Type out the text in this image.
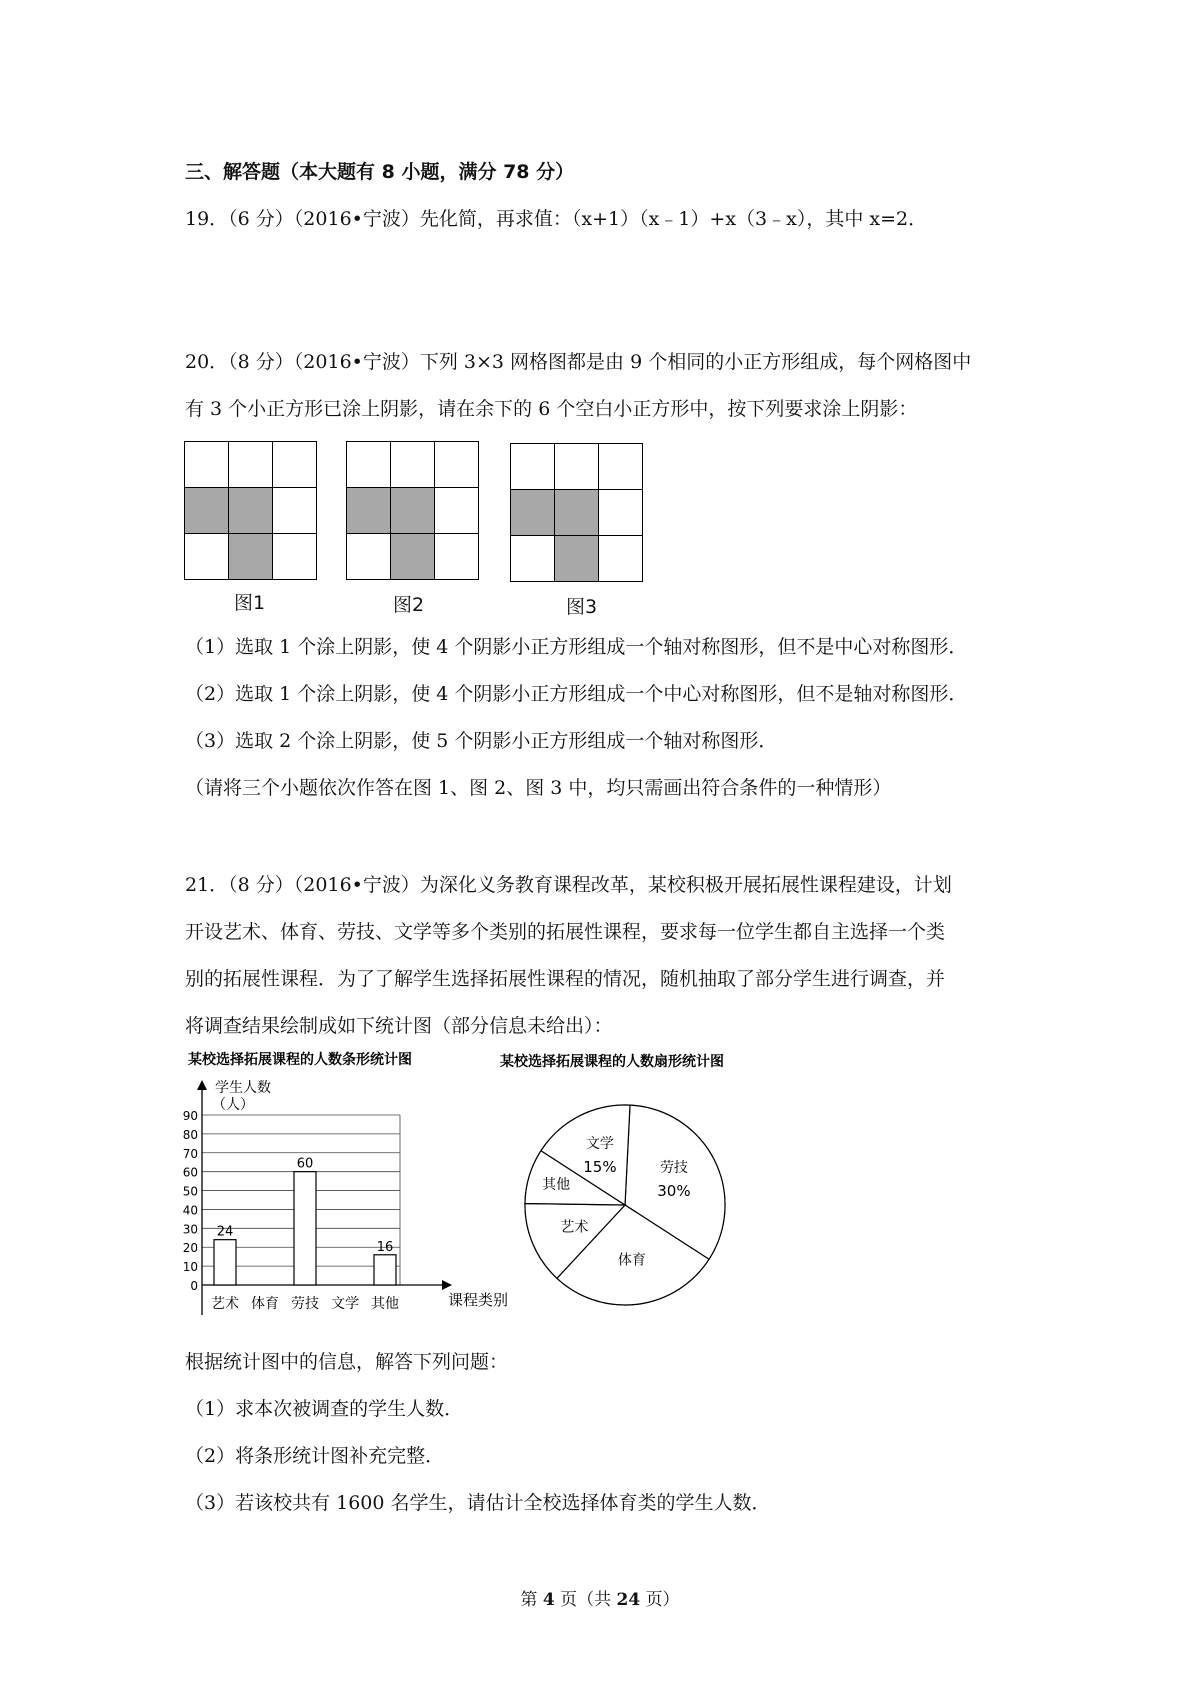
三、解答题（本大题有 8 小题，满分 78 分）
19．（6 分）（2016•宁波）先化简，再求值：（x+1）（x﹣1）+x（3﹣x），其中 x=2．
20．（8 分）（2016•宁波）下列 3×3 网格图都是由 9 个相同的小正方形组成，每个网格图中
有 3 个小正方形已涂上阴影，请在余下的 6 个空白小正方形中，按下列要求涂上阴影：

图1	图2	图3
（1）选取 1 个涂上阴影，使 4 个阴影小正方形组成一个轴对称图形，但不是中心对称图形．
（2）选取 1 个涂上阴影，使 4 个阴影小正方形组成一个中心对称图形，但不是轴对称图形．
（3）选取 2 个涂上阴影，使 5 个阴影小正方形组成一个轴对称图形．
（请将三个小题依次作答在图 1、图 2、图 3 中，均只需画出符合条件的一种情形）
21．（8 分）（2016•宁波）为深化义务教育课程改革，某校积极开展拓展性课程建设，计划
开设艺术、体育、劳技、文学等多个类别的拓展性课程，要求每一位学生都自主选择一个类
别的拓展性课程．为了了解学生选择拓展性课程的情况，随机抽取了部分学生进行调查，并
将调查结果绘制成如下统计图（部分信息未给出）：
某校选择拓展课程的人数条形统计图
学生人数
（人）
课程类别
0
10
20
30
40
50
60
70
80
90
艺术
24
体育 劳技
60
文学 其他
16
某校选择拓展课程的人数扇形统计图
劳技
30%
体育
艺术
其他
文学
15%
根据统计图中的信息，解答下列问题：
（1）求本次被调查的学生人数．
（2）将条形统计图补充完整．
（3）若该校共有 1600 名学生，请估计全校选择体育类的学生人数．
第 4 页（共 24 页）
